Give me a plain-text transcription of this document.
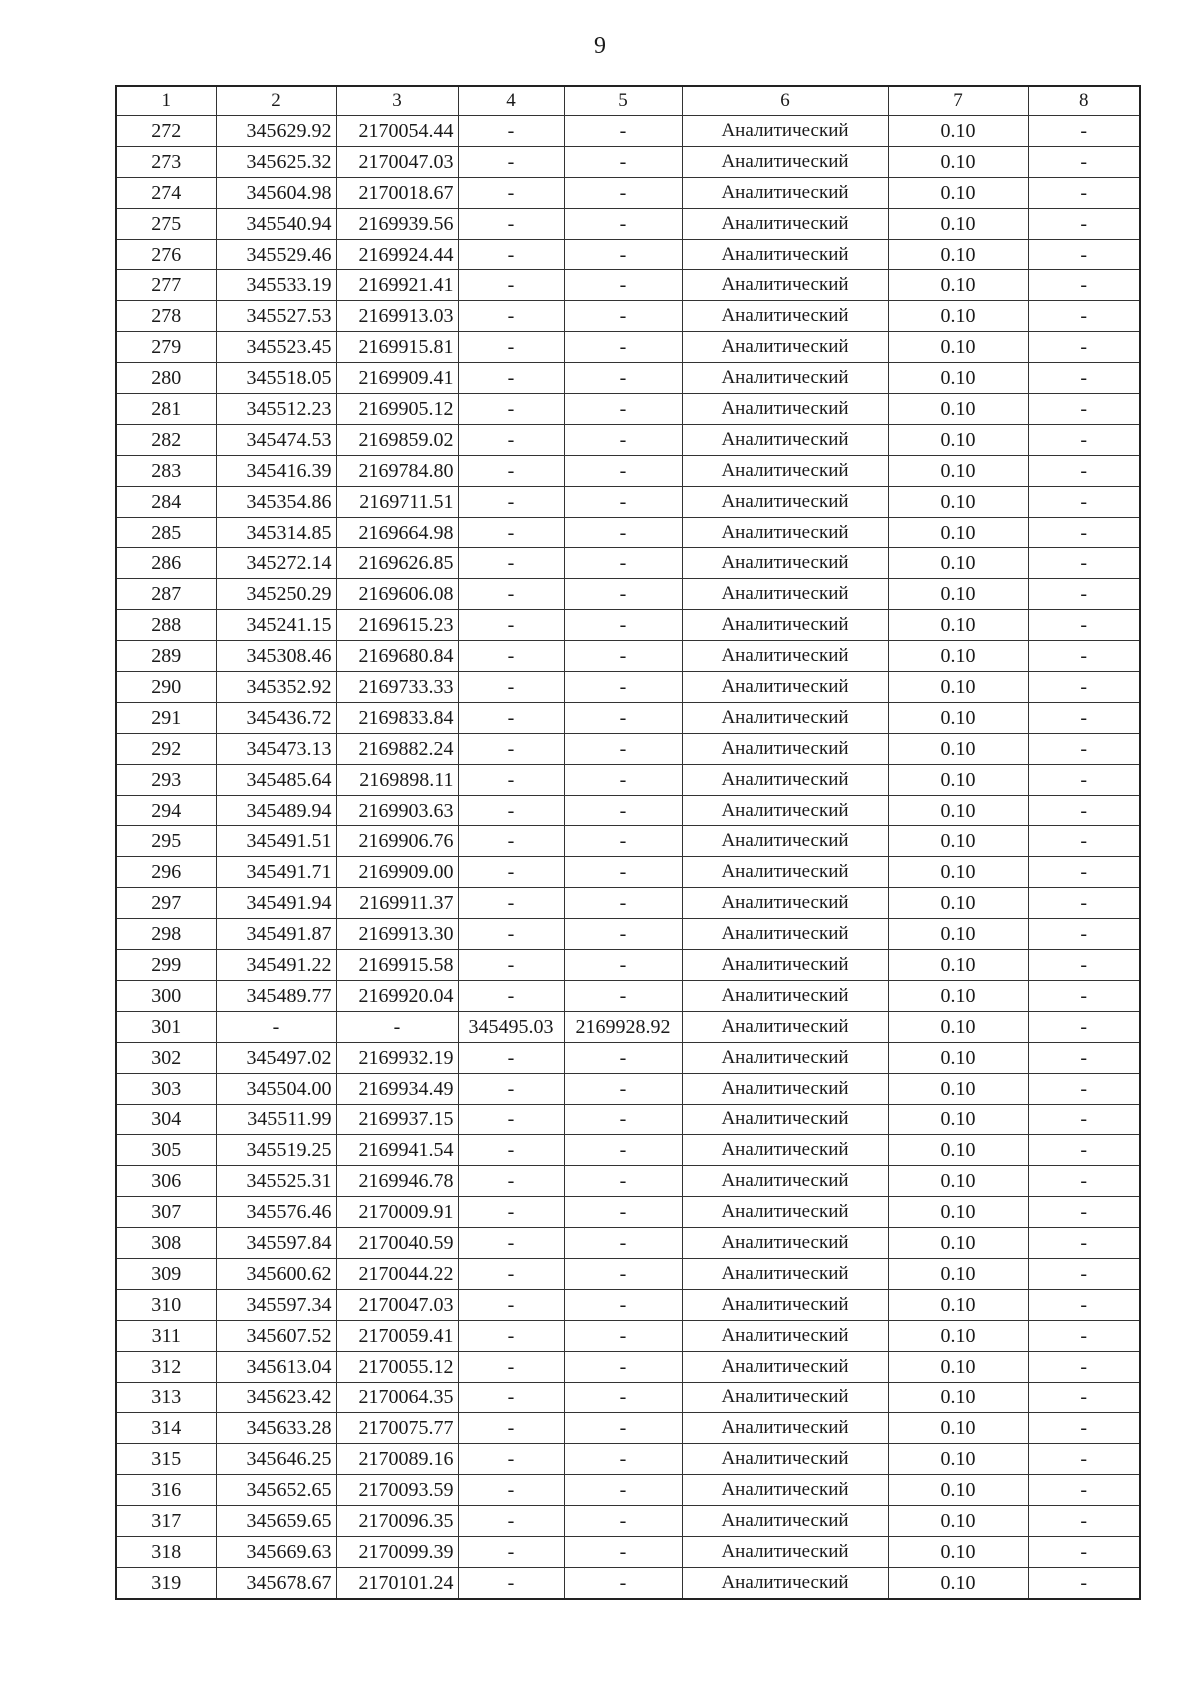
9
1	2	3	4	5	6	7	8
272	345629.92	2170054.44	-	-	Аналитический	0.10	-
273	345625.32	2170047.03	-	-	Аналитический	0.10	-
274	345604.98	2170018.67	-	-	Аналитический	0.10	-
275	345540.94	2169939.56	-	-	Аналитический	0.10	-
276	345529.46	2169924.44	-	-	Аналитический	0.10	-
277	345533.19	2169921.41	-	-	Аналитический	0.10	-
278	345527.53	2169913.03	-	-	Аналитический	0.10	-
279	345523.45	2169915.81	-	-	Аналитический	0.10	-
280	345518.05	2169909.41	-	-	Аналитический	0.10	-
281	345512.23	2169905.12	-	-	Аналитический	0.10	-
282	345474.53	2169859.02	-	-	Аналитический	0.10	-
283	345416.39	2169784.80	-	-	Аналитический	0.10	-
284	345354.86	2169711.51	-	-	Аналитический	0.10	-
285	345314.85	2169664.98	-	-	Аналитический	0.10	-
286	345272.14	2169626.85	-	-	Аналитический	0.10	-
287	345250.29	2169606.08	-	-	Аналитический	0.10	-
288	345241.15	2169615.23	-	-	Аналитический	0.10	-
289	345308.46	2169680.84	-	-	Аналитический	0.10	-
290	345352.92	2169733.33	-	-	Аналитический	0.10	-
291	345436.72	2169833.84	-	-	Аналитический	0.10	-
292	345473.13	2169882.24	-	-	Аналитический	0.10	-
293	345485.64	2169898.11	-	-	Аналитический	0.10	-
294	345489.94	2169903.63	-	-	Аналитический	0.10	-
295	345491.51	2169906.76	-	-	Аналитический	0.10	-
296	345491.71	2169909.00	-	-	Аналитический	0.10	-
297	345491.94	2169911.37	-	-	Аналитический	0.10	-
298	345491.87	2169913.30	-	-	Аналитический	0.10	-
299	345491.22	2169915.58	-	-	Аналитический	0.10	-
300	345489.77	2169920.04	-	-	Аналитический	0.10	-
301	-	-	345495.03	2169928.92	Аналитический	0.10	-
302	345497.02	2169932.19	-	-	Аналитический	0.10	-
303	345504.00	2169934.49	-	-	Аналитический	0.10	-
304	345511.99	2169937.15	-	-	Аналитический	0.10	-
305	345519.25	2169941.54	-	-	Аналитический	0.10	-
306	345525.31	2169946.78	-	-	Аналитический	0.10	-
307	345576.46	2170009.91	-	-	Аналитический	0.10	-
308	345597.84	2170040.59	-	-	Аналитический	0.10	-
309	345600.62	2170044.22	-	-	Аналитический	0.10	-
310	345597.34	2170047.03	-	-	Аналитический	0.10	-
311	345607.52	2170059.41	-	-	Аналитический	0.10	-
312	345613.04	2170055.12	-	-	Аналитический	0.10	-
313	345623.42	2170064.35	-	-	Аналитический	0.10	-
314	345633.28	2170075.77	-	-	Аналитический	0.10	-
315	345646.25	2170089.16	-	-	Аналитический	0.10	-
316	345652.65	2170093.59	-	-	Аналитический	0.10	-
317	345659.65	2170096.35	-	-	Аналитический	0.10	-
318	345669.63	2170099.39	-	-	Аналитический	0.10	-
319	345678.67	2170101.24	-	-	Аналитический	0.10	-
